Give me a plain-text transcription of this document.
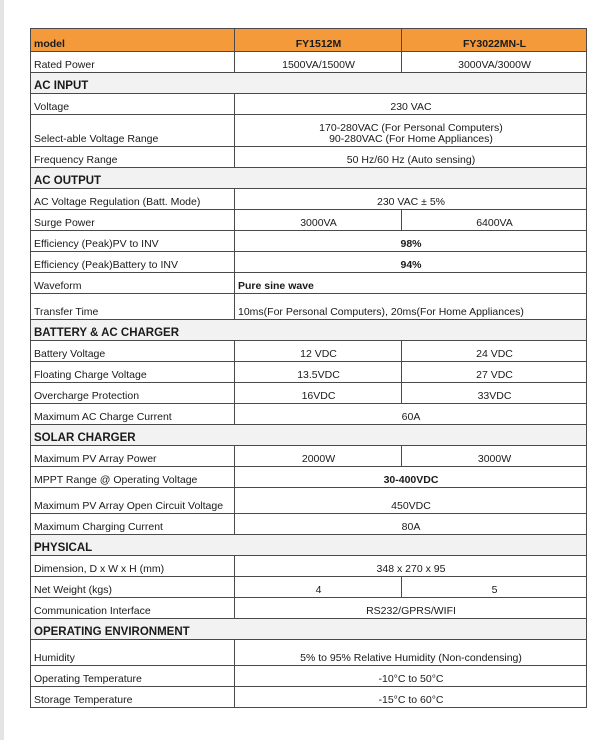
model	FY1512M	FY3022MN-L
Rated Power	1500VA/1500W	3000VA/3000W
AC INPUT		
Voltage	230 VAC	
Select-able Voltage Range	170-280VAC (For Personal Computers)
90-280VAC (For Home Appliances)	

Frequency Range	50 Hz/60 Hz (Auto sensing)	
AC OUTPUT		
AC Voltage Regulation (Batt. Mode)	230 VAC ± 5%	
Surge Power	3000VA	6400VA
Efficiency (Peak)PV to INV	98%	
Efficiency (Peak)Battery to INV	94%	
Waveform	Pure sine wave	
Transfer Time	10ms(For Personal Computers), 20ms(For Home Appliances)	
BATTERY & AC CHARGER		
Battery Voltage	12 VDC	24 VDC
Floating Charge Voltage	13.5VDC	27 VDC
Overcharge Protection	16VDC	33VDC
Maximum AC Charge Current	60A	
SOLAR CHARGER		
Maximum PV Array Power	2000W	3000W
MPPT Range @ Operating Voltage	30-400VDC	
Maximum PV Array Open Circuit Voltage	450VDC	
Maximum Charging Current	80A	
PHYSICAL		
Dimension, D x W x H (mm)	348 x 270 x 95	
Net Weight (kgs)	4	5
Communication Interface	RS232/GPRS/WIFI	
OPERATING ENVIRONMENT		
Humidity	5% to 95% Relative Humidity (Non-condensing)	
Operating Temperature	-10°C to 50°C	
Storage Temperature	-15°C to 60°C	
